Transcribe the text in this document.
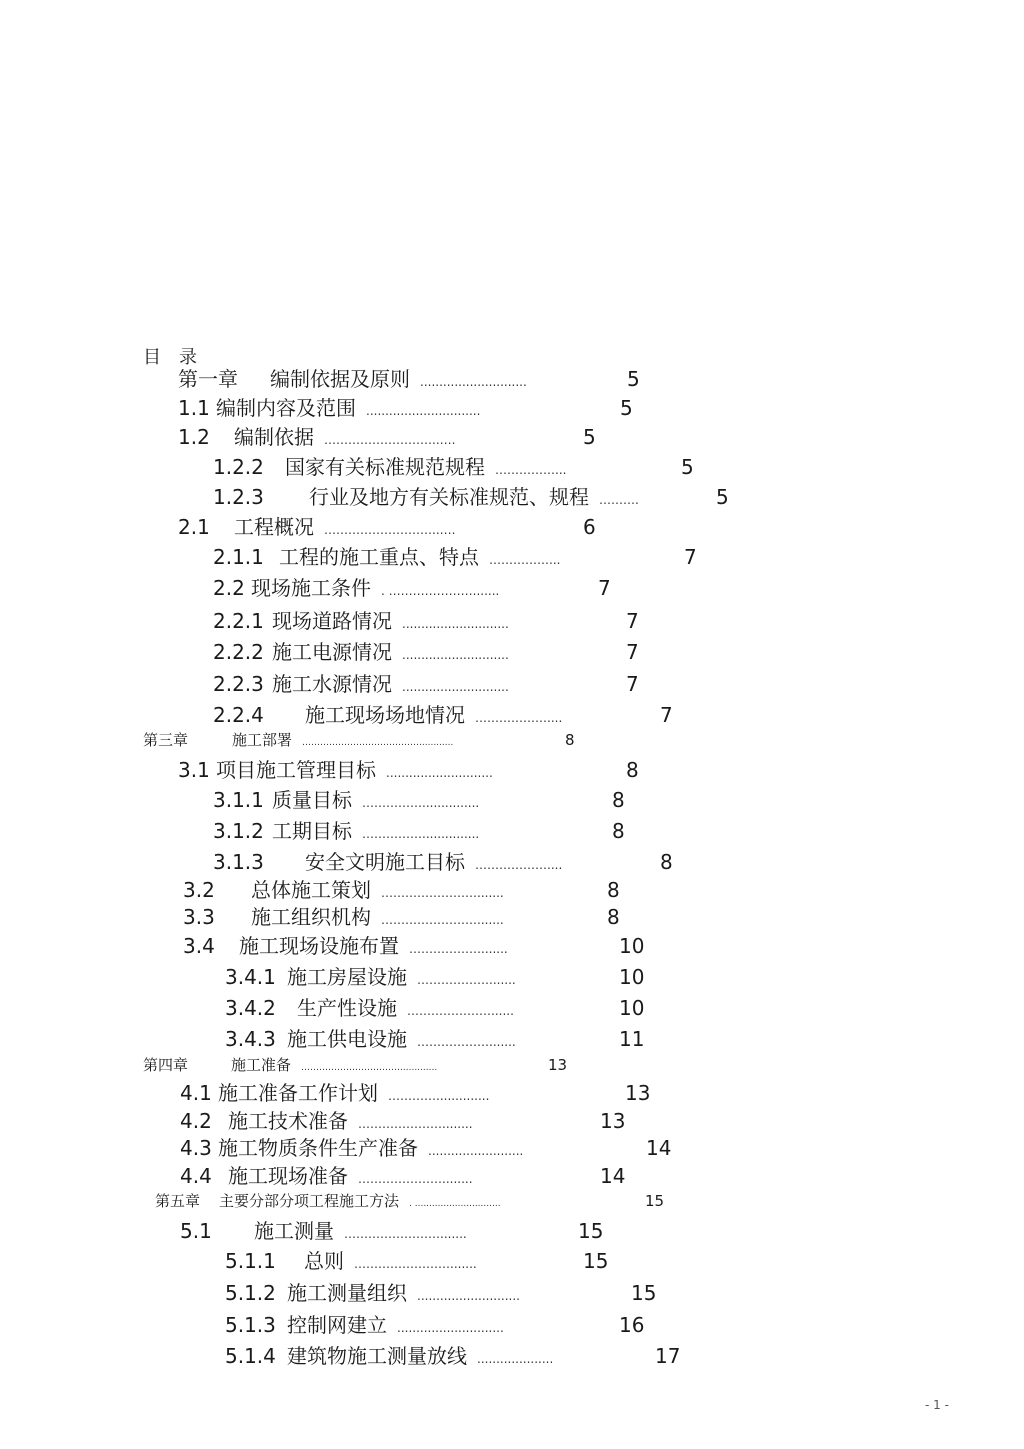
目　录
第一章 编制依据及原则 ............................	5
1.1 编制内容及范围 ..............................	5
1.2 编制依据 ………………………..….	5
1.2.2 国家有关标准规范规程 ……………...	5
1.2.3 行业及地方有关标准规范、规程 ……….	5
2.1 工程概况 ………………………..….	6
2.1.1 工程的施工重点、特点 ……………...	7
2.2 现场施工条件 . ………………….......	7
2.2.1 现场道路情况 ............................	7
2.2.2 施工电源情况 ............................	7
2.2.3 施工水源情况 ............................	7
2.2.4 施工现场场地情况 ………………....	7
第三章	施工部署 …………………………………............	8
3.1 项目施工管理目标 ............................	8
3.1.1 质量目标 ……………...............	8
3.1.2 工期目标 ……………...............	8
3.1.3 安全文明施工目标 ………………....	8
3.2 总体施工策划 …………………….......	8
3.3 施工组织机构 …………………….......	8
3.4 施工现场设施布置 ……………….......	10
3.4.1 施工房屋设施 ……………….......	10
3.4.2 生产性设施 …………………......	10
3.4.3 施工供电设施 ……………….......	11
第四章	施工准备 …………………………….............	13
4.1 施工准备工作计划 …………..............	13
4.2 施工技术准备 …………………........	13
4.3 施工物质条件生产准备 .........................	14
4.4 施工现场准备 …………………........	14
第五章 主要分部分项工程施工方法 . ..............................	15
5.1 施工测量 …………………….......	15
5.1.1 总则 …………………….......	15
5.1.2 施工测量组织 ...........................	15
5.1.3 控制网建立 ............................	16
5.1.4 建筑物施工测量放线 ....................	17
- 1 -
